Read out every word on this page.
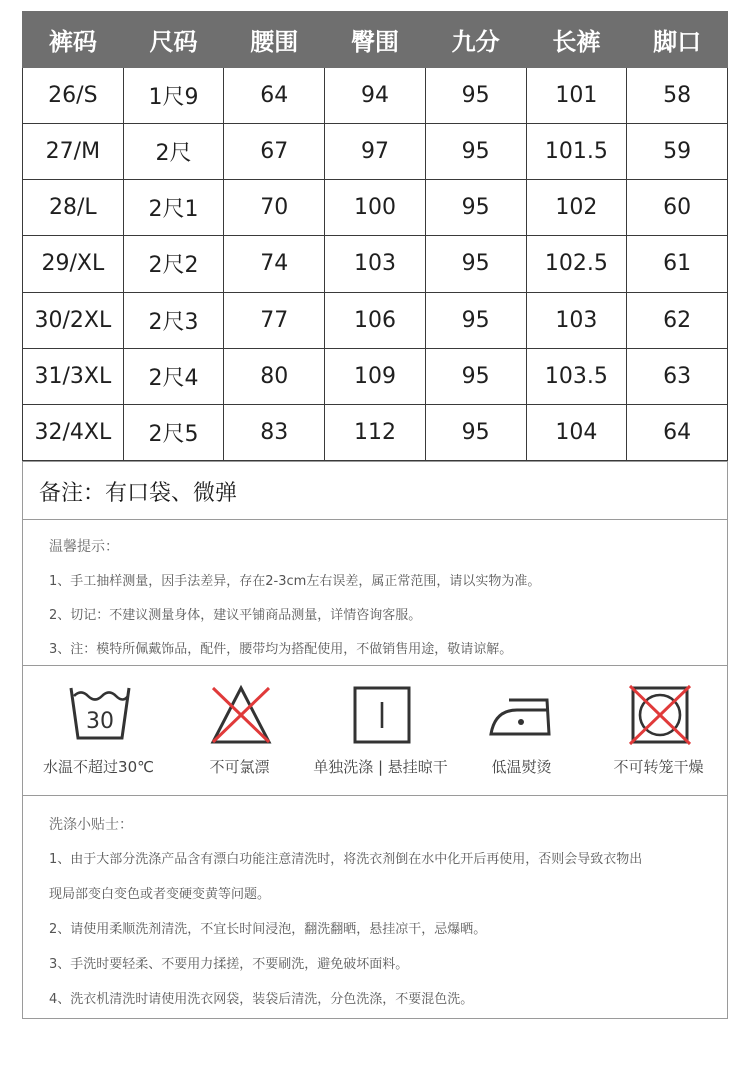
裤码	尺码	腰围	臀围	九分	长裤	脚口
26/S	1尺9	64	94	95	101	58
27/M	2尺	67	97	95	101.5	59
28/L	2尺1	70	100	95	102	60
29/XL	2尺2	74	103	95	102.5	61
30/2XL	2尺3	77	106	95	103	62
31/3XL	2尺4	80	109	95	103.5	63
32/4XL	2尺5	83	112	95	104	64
备注：有口袋、微弹
温馨提示：
1、手工抽样测量，因手法差异，存在2-3cm左右误差，属正常范围，请以实物为准。
2、切记：不建议测量身体，建议平铺商品测量，详情咨询客服。
3、注：模特所佩戴饰品，配件，腰带均为搭配使用，不做销售用途，敬请谅解。
30
水温不超过30℃	不可氯漂	单独洗涤 | 悬挂晾干	低温熨烫	不可转笼干燥
洗涤小贴士：
1、由于大部分洗涤产品含有漂白功能注意清洗时，将洗衣剂倒在水中化开后再使用，否则会导致衣物出
现局部变白变色或者变硬变黄等问题。
2、请使用柔顺洗剂清洗，不宜长时间浸泡，翻洗翻晒，悬挂凉干，忌爆晒。
3、手洗时要轻柔、不要用力揉搓，不要刷洗，避免破坏面料。
4、洗衣机清洗时请使用洗衣网袋，装袋后清洗，分色洗涤，不要混色洗。
